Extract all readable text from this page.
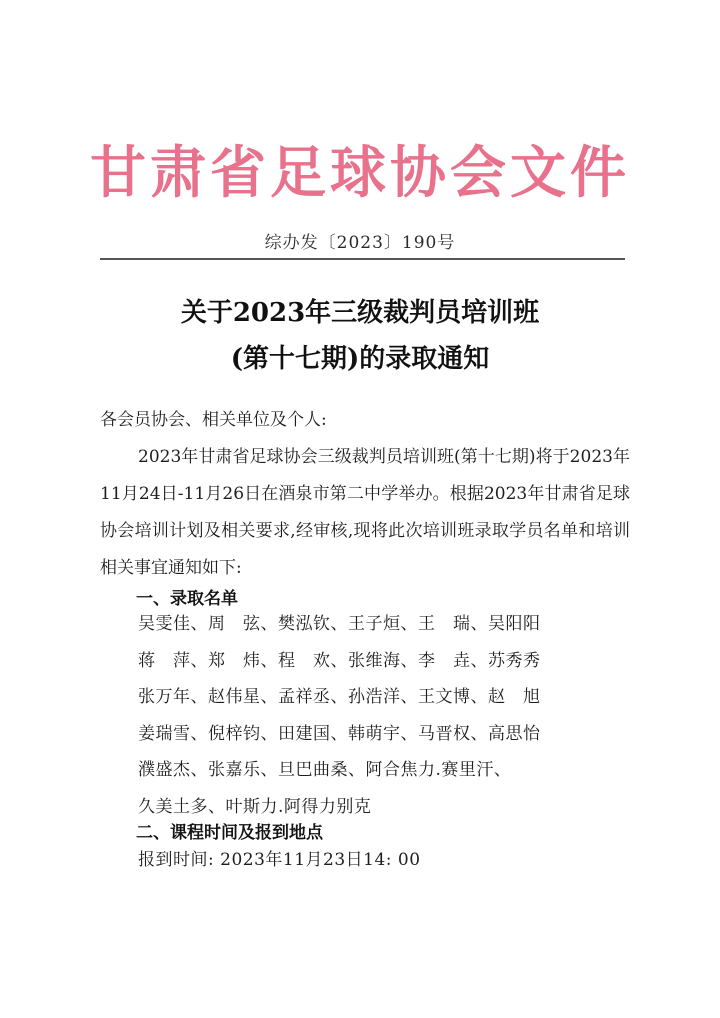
甘肃省足球协会文件
综办发〔2023〕190号
关于2023年三级裁判员培训班
(第十七期)的录取通知
各会员协会、相关单位及个人:
2023年甘肃省足球协会三级裁判员培训班(第十七期)将于2023年11月24日-11月26日在酒泉市第二中学举办。根据2023年甘肃省足球协会培训计划及相关要求,经审核,现将此次培训班录取学员名单和培训相关事宜通知如下:
一、录取名单
吴雯佳、周　弦、樊泓钦、王子烜、王　瑞、吴阳阳
蒋　萍、郑　炜、程　欢、张维海、李　垚、苏秀秀
张万年、赵伟星、孟祥丞、孙浩洋、王文博、赵　旭
姜瑞雪、倪梓钧、田建国、韩萌宇、马晋权、高思怡
濮盛杰、张嘉乐、旦巴曲桑、阿合焦力.赛里汗、
久美土多、叶斯力.阿得力别克
二、课程时间及报到地点
报到时间: 2023年11月23日14: 00
